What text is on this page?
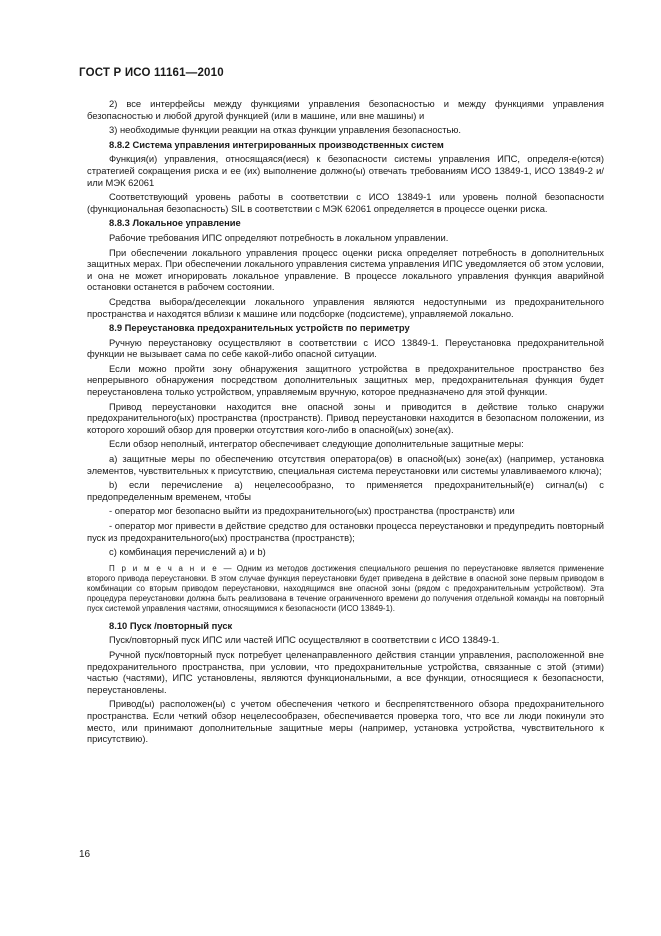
ГОСТ Р ИСО 11161—2010

2) все интерфейсы между функциями управления безопасностью и между функциями управления безопасностью и любой другой функцией (или в машине, или вне машины) и

3) необходимые функции реакции на отказ функции управления безопасностью.

8.8.2 Система управления интегрированных производственных систем

Функция(и) управления, относящаяся(иеся) к безопасности системы управления ИПС, определя-е(ются) стратегией сокращения риска и ее (их) выполнение должно(ы) отвечать требованиям ИСО 13849-1, ИСО 13849-2 и/или МЭК 62061

Соответствующий уровень работы в соответствии с ИСО 13849-1 или уровень полной безопасности (функциональная безопасность) SIL в соответствии с МЭК 62061 определяется в процессе оценки риска.

8.8.3 Локальное управление

Рабочие требования ИПС определяют потребность в локальном управлении.

При обеспечении локального управления процесс оценки риска определяет потребность в дополнительных защитных мерах. При обеспечении локального управления система управления ИПС уведомляется об этом условии, и она не может игнорировать локальное управление. В процессе локального управления функция аварийной остановки останется в рабочем состоянии.

Средства выбора/деселекции локального управления являются недоступными из предохранительного пространства и находятся вблизи к машине или подсборке (подсистеме), управляемой локально.

8.9 Переустановка предохранительных устройств по периметру

Ручную переустановку осуществляют в соответствии с ИСО 13849-1. Переустановка предохранительной функции не вызывает сама по себе какой-либо опасной ситуации.

Если можно пройти зону обнаружения защитного устройства в предохранительное пространство без непрерывного обнаружения посредством дополнительных защитных мер, предохранительная функция будет переустановлена только устройством, управляемым вручную, которое предназначено для этой функции.

Привод переустановки находится вне опасной зоны и приводится в действие только снаружи предохранительного(ых) пространства (пространств). Привод переустановки находится в безопасном положении, из которого хороший обзор для проверки отсутствия кого-либо в опасной(ых) зоне(ах).

Если обзор неполный, интегратор обеспечивает следующие дополнительные защитные меры:

а) защитные меры по обеспечению отсутствия оператора(ов) в опасной(ых) зоне(ах) (например, установка элементов, чувствительных к присутствию, специальная система переустановки или системы улавливаемого ключа);

b) если перечисление а) нецелесообразно, то применяется предохранительный(е) сигнал(ы) с предопределенным временем, чтобы

- оператор мог безопасно выйти из предохранительного(ых) пространства (пространств) или

- оператор мог привести в действие средство для остановки процесса переустановки и предупредить повторный пуск из предохранительного(ых) пространства (пространств);

с) комбинация перечислений а) и b)

П р и м е ч а н и е — Одним из методов достижения специального решения по переустановке является применение второго привода переустановки. В этом случае функция переустановки будет приведена в действие в опасной зоне первым приводом в комбинации со вторым приводом переустановки, находящимся вне опасной зоны (рядом с предохранительным устройством). Эта процедура переустановки должна быть реализована в течение ограниченного времени до получения отдельной команды на повторный пуск системой управления частями, относящимися к безопасности (ИСО 13849-1).

8.10 Пуск /повторный пуск

Пуск/повторный пуск ИПС или частей ИПС осуществляют в соответствии с ИСО 13849-1.

Ручной пуск/повторный пуск потребует целенаправленного действия станции управления, расположенной вне предохранительного пространства, при условии, что предохранительные устройства, связанные с этой (этими) частью (частями), ИПС установлены, являются функциональными, а все функции, относящиеся к безопасности, переустановлены.

Привод(ы) расположен(ы) с учетом обеспечения четкого и беспрепятственного обзора предохранительного пространства. Если четкий обзор нецелесообразен, обеспечивается проверка того, что все ли люди покинули это место, или принимают дополнительные защитные меры (например, установка устройства, чувствительного к присутствию).

16
